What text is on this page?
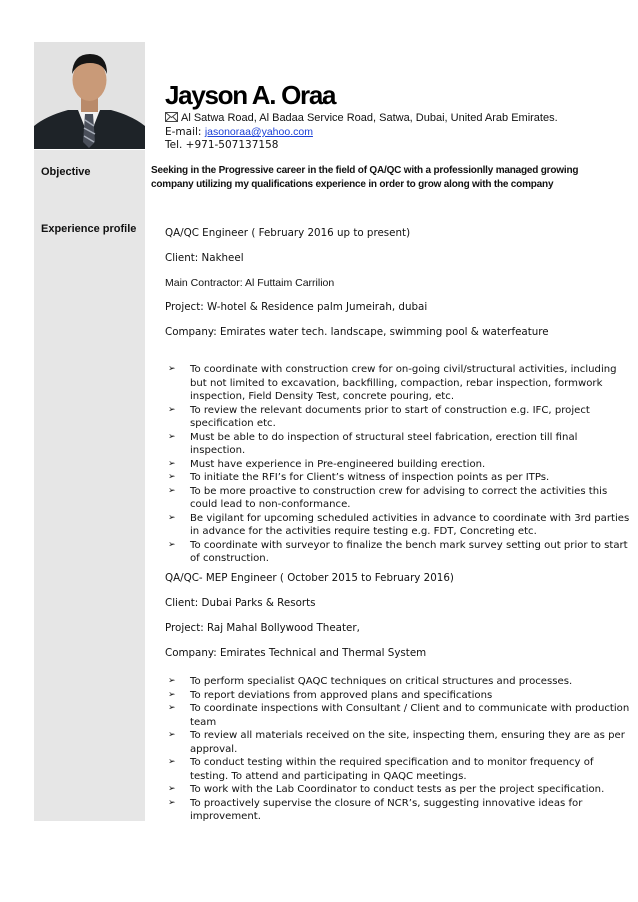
Jayson A. Oraa
Al Satwa Road, Al Badaa Service Road, Satwa, Dubai, United Arab Emirates.
E-mail: jasonoraa@yahoo.com
Tel. +971-507137158
Objective	Seeking in the Progressive career in the field of QA/QC with a professionlly managed growing company utilizing my qualifications experience in order to grow along with the company
Experience profile	QA/QC Engineer ( February 2016 up to present)
Client: Nakheel
Main Contractor: Al Futtaim Carrilion
Project: W-hotel & Residence palm Jumeirah, dubai
Company: Emirates water tech. landscape, swimming pool & waterfeature
➢ To coordinate with construction crew for on-going civil/structural activities, including but not limited to excavation, backfilling, compaction, rebar inspection, formwork inspection, Field Density Test, concrete pouring, etc.
➢ To review the relevant documents prior to start of construction e.g. IFC, project specification etc.
➢ Must be able to do inspection of structural steel fabrication, erection till final inspection.
➢ Must have experience in Pre-engineered building erection.
➢ To initiate the RFI’s for Client’s witness of inspection points as per ITPs.
➢ To be more proactive to construction crew for advising to correct the activities this could lead to non-conformance.
➢ Be vigilant for upcoming scheduled activities in advance to coordinate with 3rd parties in advance for the activities require testing e.g. FDT, Concreting etc.
➢ To coordinate with surveyor to finalize the bench mark survey setting out prior to start of construction.
QA/QC- MEP Engineer ( October 2015 to February 2016)
Client: Dubai Parks & Resorts
Project: Raj Mahal Bollywood Theater,
Company: Emirates Technical and Thermal System
➢ To perform specialist QAQC techniques on critical structures and processes.
➢ To report deviations from approved plans and specifications
➢ To coordinate inspections with Consultant / Client and to communicate with production team
➢ To review all materials received on the site, inspecting them, ensuring they are as per approval.
➢ To conduct testing within the required specification and to monitor frequency of testing. To attend and participating in QAQC meetings.
➢ To work with the Lab Coordinator to conduct tests as per the project specification.
➢ To proactively supervise the closure of NCR’s, suggesting innovative ideas for improvement.
